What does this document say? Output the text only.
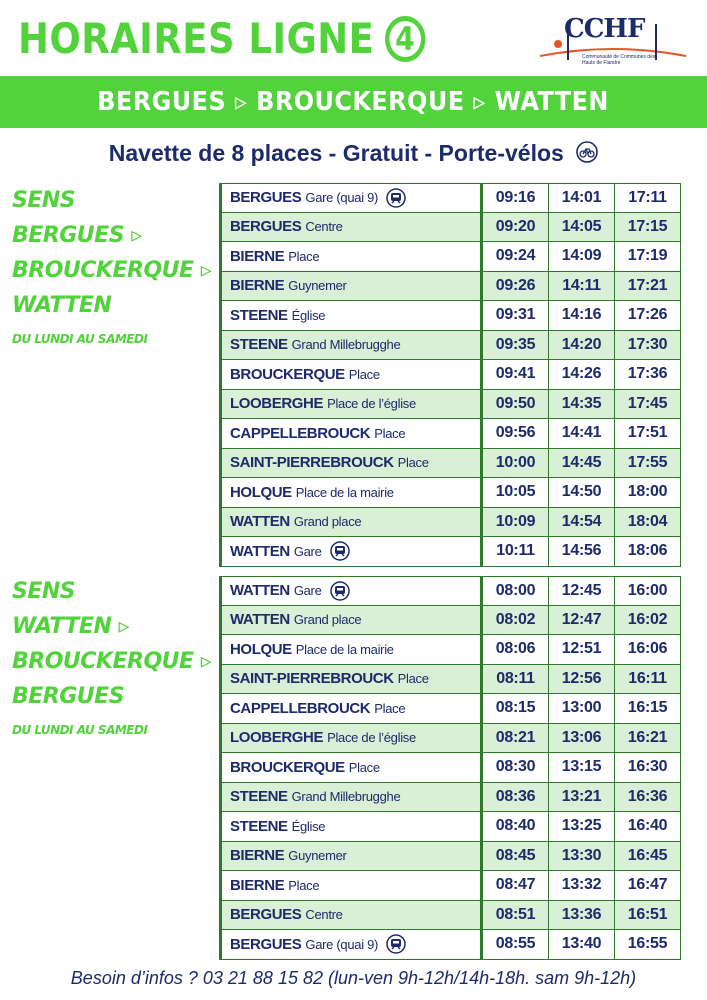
HORAIRES LIGNE 4	CCHF
Communauté de Communes des Hauts de Flandre
BERGUES ▹ BROUCKERQUE ▹ WATTEN
Navette de 8 places - Gratuit - Porte-vélos
SENS
BERGUES ▹
BROUCKERQUE ▹
WATTEN
DU LUNDI AU SAMEDI
BERGUES Gare (quai 9)	09:16	14:01	17:11
BERGUES Centre	09:20	14:05	17:15
BIERNE Place	09:24	14:09	17:19
BIERNE Guynemer	09:26	14:11	17:21
STEENE Église	09:31	14:16	17:26
STEENE Grand Millebrugghe	09:35	14:20	17:30
BROUCKERQUE Place	09:41	14:26	17:36
LOOBERGHE Place de l’église	09:50	14:35	17:45
CAPPELLEBROUCK Place	09:56	14:41	17:51
SAINT-PIERREBROUCK Place	10:00	14:45	17:55
HOLQUE Place de la mairie	10:05	14:50	18:00
WATTEN Grand place	10:09	14:54	18:04
WATTEN Gare	10:11	14:56	18:06
SENS
WATTEN ▹
BROUCKERQUE ▹
BERGUES
DU LUNDI AU SAMEDI
WATTEN Gare	08:00	12:45	16:00
WATTEN Grand place	08:02	12:47	16:02
HOLQUE Place de la mairie	08:06	12:51	16:06
SAINT-PIERREBROUCK Place	08:11	12:56	16:11
CAPPELLEBROUCK Place	08:15	13:00	16:15
LOOBERGHE Place de l’église	08:21	13:06	16:21
BROUCKERQUE Place	08:30	13:15	16:30
STEENE Grand Millebrugghe	08:36	13:21	16:36
STEENE Église	08:40	13:25	16:40
BIERNE Guynemer	08:45	13:30	16:45
BIERNE Place	08:47	13:32	16:47
BERGUES Centre	08:51	13:36	16:51
BERGUES Gare (quai 9)	08:55	13:40	16:55
Besoin d’infos ? 03 21 88 15 82 (lun-ven 9h-12h/14h-18h. sam 9h-12h)
